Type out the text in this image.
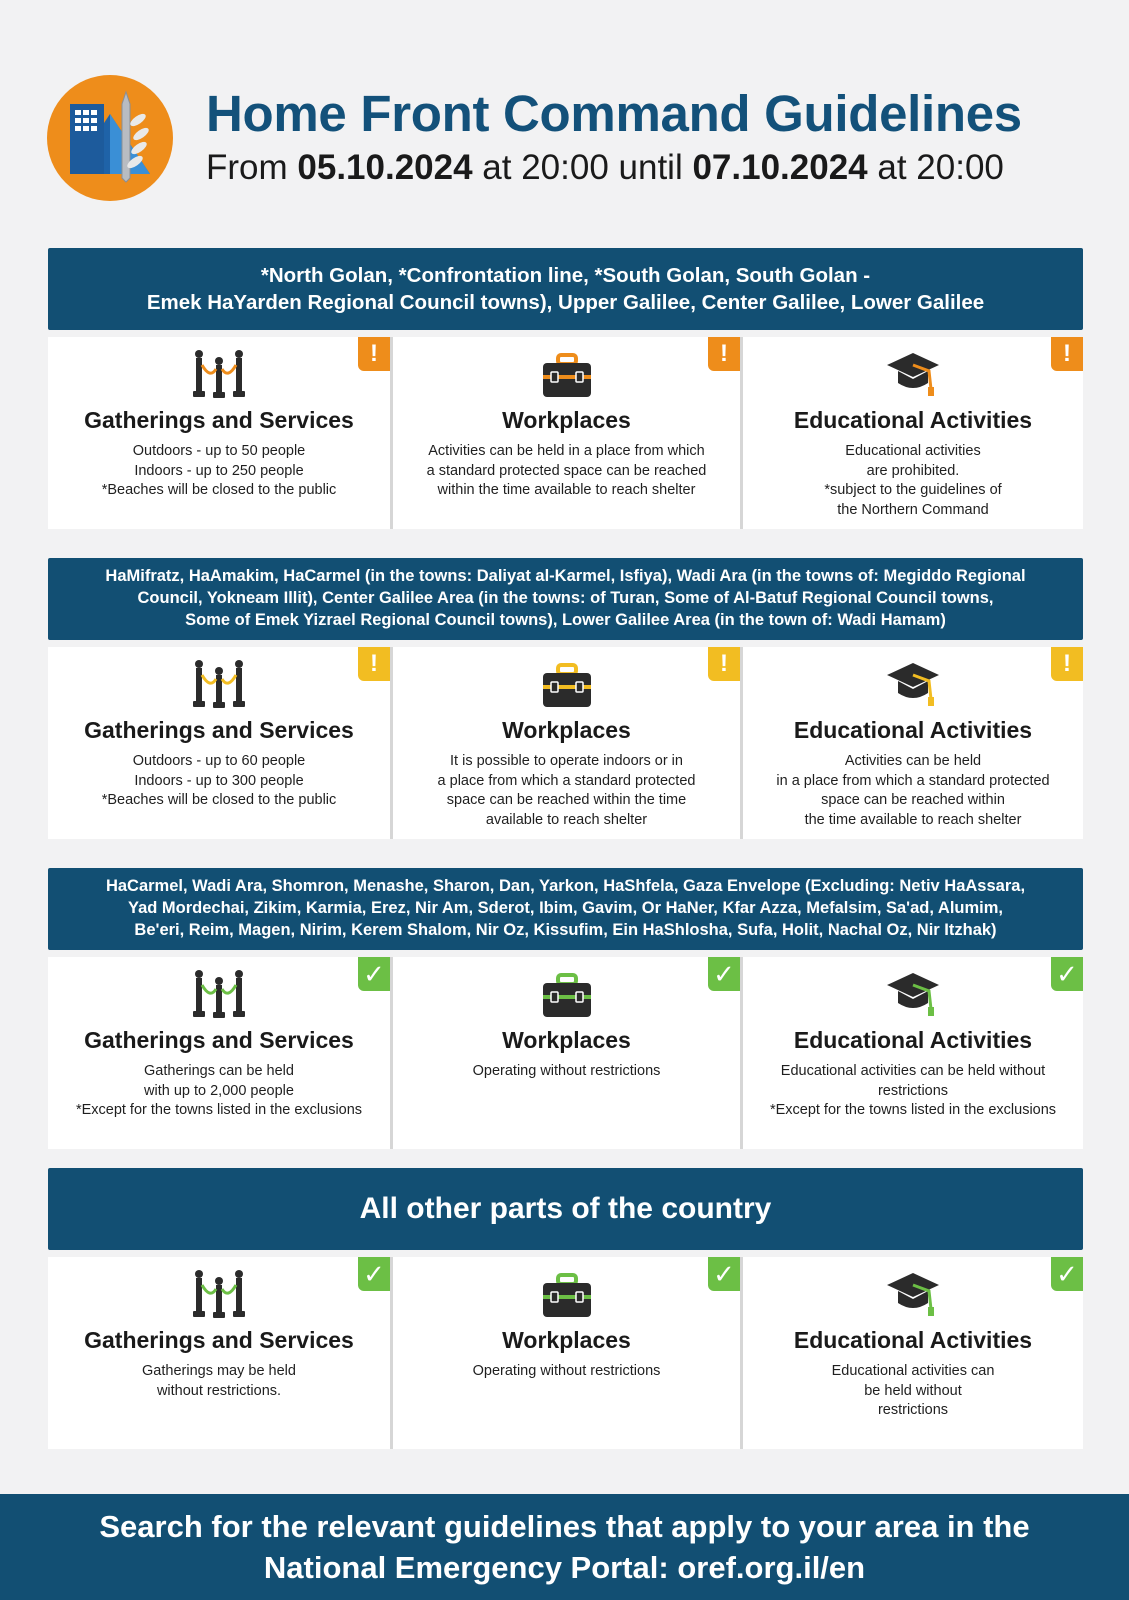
Home Front Command Guidelines

From 05.10.2024 at 20:00 until 07.10.2024 at 20:00

*North Golan, *Confrontation line, *South Golan, South Golan -
Emek HaYarden Regional Council towns), Upper Galilee, Center Galilee, Lower Galilee
!
Gatherings and Services
Outdoors - up to 50 people
Indoors - up to 250 people
*Beaches will be closed to the public
!
Workplaces
Activities can be held in a place from which
a standard protected space can be reached
within the time available to reach shelter
!
Educational Activities
Educational activities
are prohibited.
*subject to the guidelines of
the Northern Command
HaMifratz, HaAmakim, HaCarmel (in the towns: Daliyat al-Karmel, Isfiya), Wadi Ara (in the towns of: Megiddo Regional
Council, Yokneam Illit), Center Galilee Area (in the towns: of Turan, Some of Al-Batuf Regional Council towns,
Some of Emek Yizrael Regional Council towns), Lower Galilee Area (in the town of: Wadi Hamam)
!
Gatherings and Services
Outdoors - up to 60 people
Indoors - up to 300 people
*Beaches will be closed to the public
!
Workplaces
It is possible to operate indoors or in
a place from which a standard protected
space can be reached within the time
available to reach shelter
!
Educational Activities
Activities can be held
in a place from which a standard protected
space can be reached within
the time available to reach shelter
HaCarmel, Wadi Ara, Shomron, Menashe, Sharon, Dan, Yarkon, HaShfela, Gaza Envelope (Excluding: Netiv HaAssara,
Yad Mordechai, Zikim, Karmia, Erez, Nir Am, Sderot, Ibim, Gavim, Or HaNer, Kfar Azza, Mefalsim, Sa'ad, Alumim,
Be'eri, Reim, Magen, Nirim, Kerem Shalom, Nir Oz, Kissufim, Ein HaShlosha, Sufa, Holit, Nachal Oz, Nir Itzhak)
✓
Gatherings and Services
Gatherings can be held
with up to 2,000 people
*Except for the towns listed in the exclusions
✓
Workplaces
Operating without restrictions
✓
Educational Activities
Educational activities can be held without
restrictions
*Except for the towns listed in the exclusions
All other parts of the country
✓
Gatherings and Services
Gatherings may be held
without restrictions.
✓
Workplaces
Operating without restrictions
✓
Educational Activities
Educational activities can
be held without
restrictions
Search for the relevant guidelines that apply to your area in the
National Emergency Portal: oref.org.il/en
